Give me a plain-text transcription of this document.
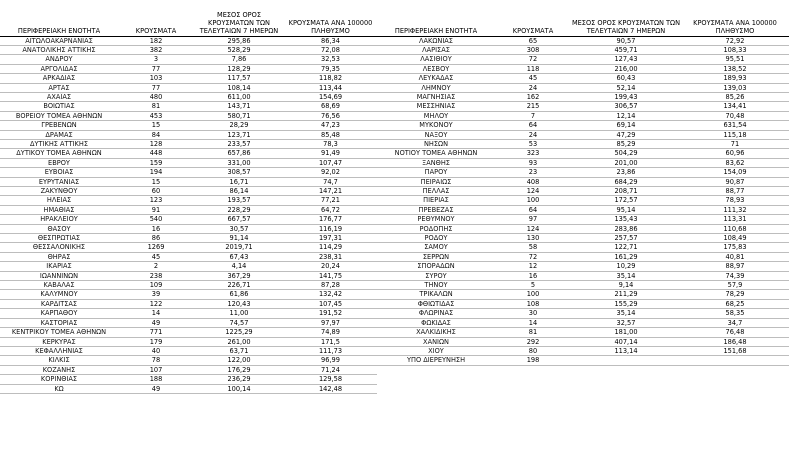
ΠΕΡΙΦΕΡΕΙΑΚΗ ΕΝΟΤΗΤΑ	ΚΡΟΥΣΜΑΤΑ	ΜΕΣΟΣ ΟΡΟΣ ΚΡΟΥΣΜΑΤΩΝ ΤΩΝ ΤΕΛΕΥΤΑΙΩΝ 7 ΗΜΕΡΩΝ	ΚΡΟΥΣΜΑΤΑ ΑΝΑ 100000 ΠΛΗΘΥΣΜΟ	ΠΕΡΙΦΕΡΕΙΑΚΗ ΕΝΟΤΗΤΑ	ΚΡΟΥΣΜΑΤΑ	ΜΕΣΟΣ ΟΡΟΣ ΚΡΟΥΣΜΑΤΩΝ ΤΩΝ ΤΕΛΕΥΤΑΙΩΝ 7 ΗΜΕΡΩΝ	ΚΡΟΥΣΜΑΤΑ ΑΝΑ 100000 ΠΛΗΘΥΣΜΟ
ΑΙΤΩΛΟΑΚΑΡΝΑΝΙΑΣ	182	295,86	86,34	ΛΑΚΩΝΙΑΣ	65	90,57	72,92
ΑΝΑΤΟΛΙΚΗΣ ΑΤΤΙΚΗΣ	382	528,29	72,08	ΛΑΡΙΣΑΣ	308	459,71	108,33
ΑΝΔΡΟΥ	3	7,86	32,53	ΛΑΣΙΘΙΟΥ	72	127,43	95,51
ΑΡΓΟΛΙΔΑΣ	77	128,29	79,35	ΛΕΣΒΟΥ	118	216,00	138,52
ΑΡΚΑΔΙΑΣ	103	117,57	118,82	ΛΕΥΚΑΔΑΣ	45	60,43	189,93
ΑΡΤΑΣ	77	108,14	113,44	ΛΗΜΝΟΥ	24	52,14	139,03
ΑΧΑΪΑΣ	480	611,00	154,69	ΜΑΓΝΗΣΙΑΣ	162	199,43	85,26
ΒΟΙΩΤΙΑΣ	81	143,71	68,69	ΜΕΣΣΗΝΙΑΣ	215	306,57	134,41
ΒΟΡΕΙΟΥ ΤΟΜΕΑ ΑΘΗΝΩΝ	453	580,71	76,56	ΜΗΛΟΥ	7	12,14	70,48
ΓΡΕΒΕΝΩΝ	15	28,29	47,23	ΜΥΚΟΝΟΥ	64	69,14	631,54
ΔΡΑΜΑΣ	84	123,71	85,48	ΝΑΞΟΥ	24	47,29	115,18
ΔΥΤΙΚΗΣ ΑΤΤΙΚΗΣ	128	233,57	78,3	ΝΗΣΩΝ	53	85,29	71
ΔΥΤΙΚΟΥ ΤΟΜΕΑ ΑΘΗΝΩΝ	448	657,86	91,49	ΝΟΤΙΟΥ ΤΟΜΕΑ ΑΘΗΝΩΝ	323	504,29	60,96
ΕΒΡΟΥ	159	331,00	107,47	ΞΑΝΘΗΣ	93	201,00	83,62
ΕΥΒΟΙΑΣ	194	308,57	92,02	ΠΑΡΟΥ	23	23,86	154,09
ΕΥΡΥΤΑΝΙΑΣ	15	16,71	74,7	ΠΕΙΡΑΙΩΣ	408	684,29	90,87
ΖΑΚΥΝΘΟΥ	60	86,14	147,21	ΠΕΛΛΑΣ	124	208,71	88,77
ΗΛΕΙΑΣ	123	193,57	77,21	ΠΙΕΡΙΑΣ	100	172,57	78,93
ΗΜΑΘΙΑΣ	91	228,29	64,72	ΠΡΕΒΕΖΑΣ	64	95,14	111,32
ΗΡΑΚΛΕΙΟΥ	540	667,57	176,77	ΡΕΘΥΜΝΟΥ	97	135,43	113,31
ΘΑΣΟΥ	16	30,57	116,19	ΡΟΔΟΠΗΣ	124	283,86	110,68
ΘΕΣΠΡΩΤΙΑΣ	86	91,14	197,31	ΡΟΔΟΥ	130	257,57	108,49
ΘΕΣΣΑΛΟΝΙΚΗΣ	1269	2019,71	114,29	ΣΑΜΟΥ	58	122,71	175,83
ΘΗΡΑΣ	45	67,43	238,31	ΣΕΡΡΩΝ	72	161,29	40,81
ΙΚΑΡΙΑΣ	2	4,14	20,24	ΣΠΟΡΑΔΩΝ	12	10,29	88,97
ΙΩΑΝΝΙΝΩΝ	238	367,29	141,75	ΣΥΡΟΥ	16	35,14	74,39
ΚΑΒΑΛΑΣ	109	226,71	87,28	ΤΗΝΟΥ	5	9,14	57,9
ΚΑΛΥΜΝΟΥ	39	61,86	132,42	ΤΡΙΚΑΛΩΝ	100	211,29	78,29
ΚΑΡΔΙΤΣΑΣ	122	120,43	107,45	ΦΘΙΩΤΙΔΑΣ	108	155,29	68,25
ΚΑΡΠΑΘΟΥ	14	11,00	191,52	ΦΛΩΡΙΝΑΣ	30	35,14	58,35
ΚΑΣΤΟΡΙΑΣ	49	74,57	97,97	ΦΩΚΙΔΑΣ	14	32,57	34,7
ΚΕΝΤΡΙΚΟΥ ΤΟΜΕΑ ΑΘΗΝΩΝ	771	1225,29	74,89	ΧΑΛΚΙΔΙΚΗΣ	81	181,00	76,48
ΚΕΡΚΥΡΑΣ	179	261,00	171,5	ΧΑΝΙΩΝ	292	407,14	186,48
ΚΕΦΑΛΛΗΝΙΑΣ	40	63,71	111,73	ΧΙΟΥ	80	113,14	151,68
ΚΙΛΚΙΣ	78	122,00	96,99	ΥΠΟ ΔΙΕΡΕΥΝΗΣΗ	198		
ΚΟΖΑΝΗΣ	107	176,29	71,24				
ΚΟΡΙΝΘΙΑΣ	188	236,29	129,58				
ΚΩ	49	100,14	142,48				
